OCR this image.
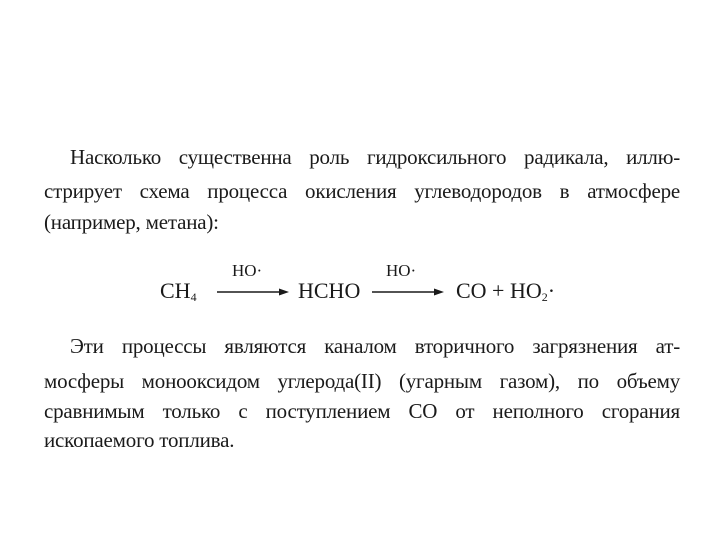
Насколько существенна роль гидроксильного радикала, иллю-
стрирует схема процесса окисления углеводородов в атмосфере
(например, метана):
$CH_4$
HO·
HCHO
HO·
CO + $HO_2\cdot$
Эти процессы являются каналом вторичного загрязнения ат-
мосферы монооксидом углерода(II) (угарным газом), по объему
сравнимым только с поступлением СО от неполного сгорания
ископаемого топлива.
